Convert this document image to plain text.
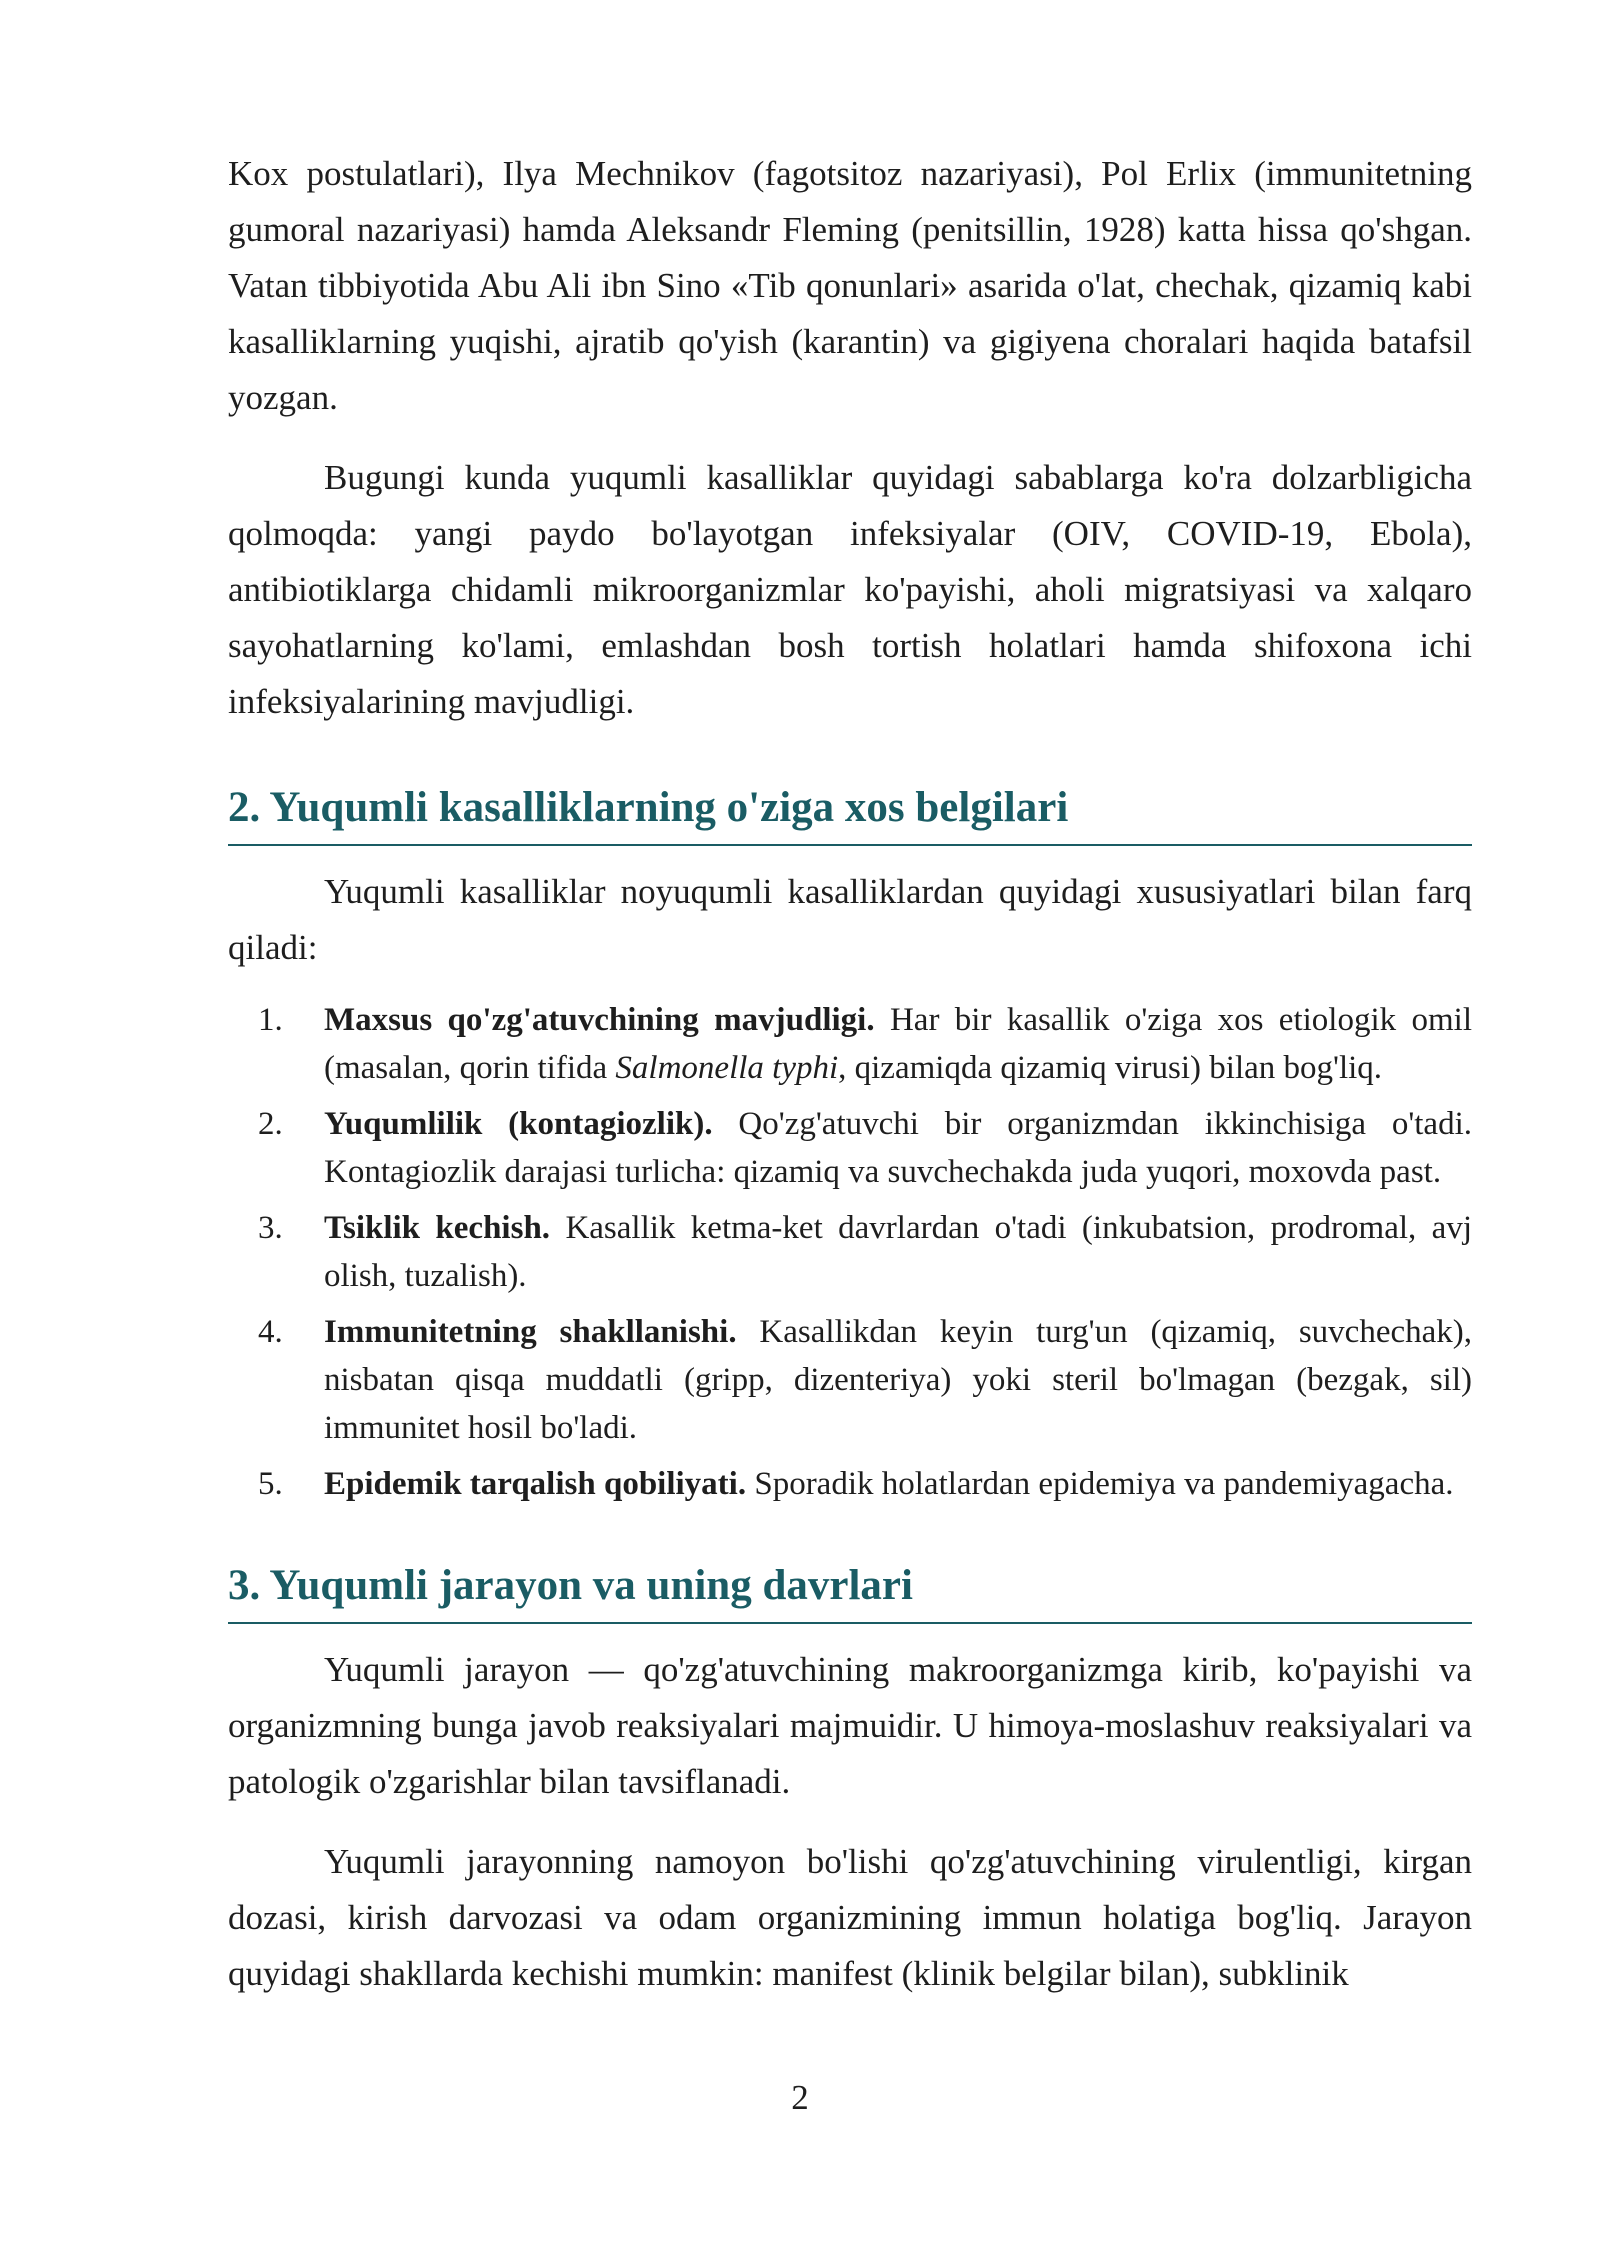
Kox postulatlari), Ilya Mechnikov (fagotsitoz nazariyasi), Pol Erlix (immunitetning gumoral nazariyasi) hamda Aleksandr Fleming (penitsillin, 1928) katta hissa qo'shgan. Vatan tibbiyotida Abu Ali ibn Sino «Tib qonunlari» asarida o'lat, chechak, qizamiq kabi kasalliklarning yuqishi, ajratib qo'yish (karantin) va gigiyena choralari haqida batafsil yozgan.

Bugungi kunda yuqumli kasalliklar quyidagi sabablarga ko'ra dolzarbligicha qolmoqda: yangi paydo bo'layotgan infeksiyalar (OIV, COVID-19, Ebola), antibiotiklarga chidamli mikroorganizmlar ko'payishi, aholi migratsiyasi va xalqaro sayohatlarning ko'lami, emlashdan bosh tortish holatlari hamda shifoxona ichi infeksiyalarining mavjudligi.

2. Yuqumli kasalliklarning o'ziga xos belgilari

Yuqumli kasalliklar noyuqumli kasalliklardan quyidagi xususiyatlari bilan farq qiladi:

1. Maxsus qo'zg'atuvchining mavjudligi. Har bir kasallik o'ziga xos etiologik omil (masalan, qorin tifida Salmonella typhi, qizamiqda qizamiq virusi) bilan bog'liq.
2. Yuqumlilik (kontagiozlik). Qo'zg'atuvchi bir organizmdan ikkinchisiga o'tadi. Kontagiozlik darajasi turlicha: qizamiq va suvchechakda juda yuqori, moxovda past.
3. Tsiklik kechish. Kasallik ketma-ket davrlardan o'tadi (inkubatsion, prodromal, avj olish, tuzalish).
4. Immunitetning shakllanishi. Kasallikdan keyin turg'un (qizamiq, suvchechak), nisbatan qisqa muddatli (gripp, dizenteriya) yoki steril bo'lmagan (bezgak, sil) immunitet hosil bo'ladi.
5. Epidemik tarqalish qobiliyati. Sporadik holatlardan epidemiya va pandemiyagacha.
3. Yuqumli jarayon va uning davrlari

Yuqumli jarayon — qo'zg'atuvchining makroorganizmga kirib, ko'payishi va organizmning bunga javob reaksiyalari majmuidir. U himoya-moslashuv reaksiyalari va patologik o'zgarishlar bilan tavsiflanadi.

Yuqumli jarayonning namoyon bo'lishi qo'zg'atuvchining virulentligi, kirgan dozasi, kirish darvozasi va odam organizmining immun holatiga bog'liq. Jarayon quyidagi shakllarda kechishi mumkin: manifest (klinik belgilar bilan), subklinik

2
